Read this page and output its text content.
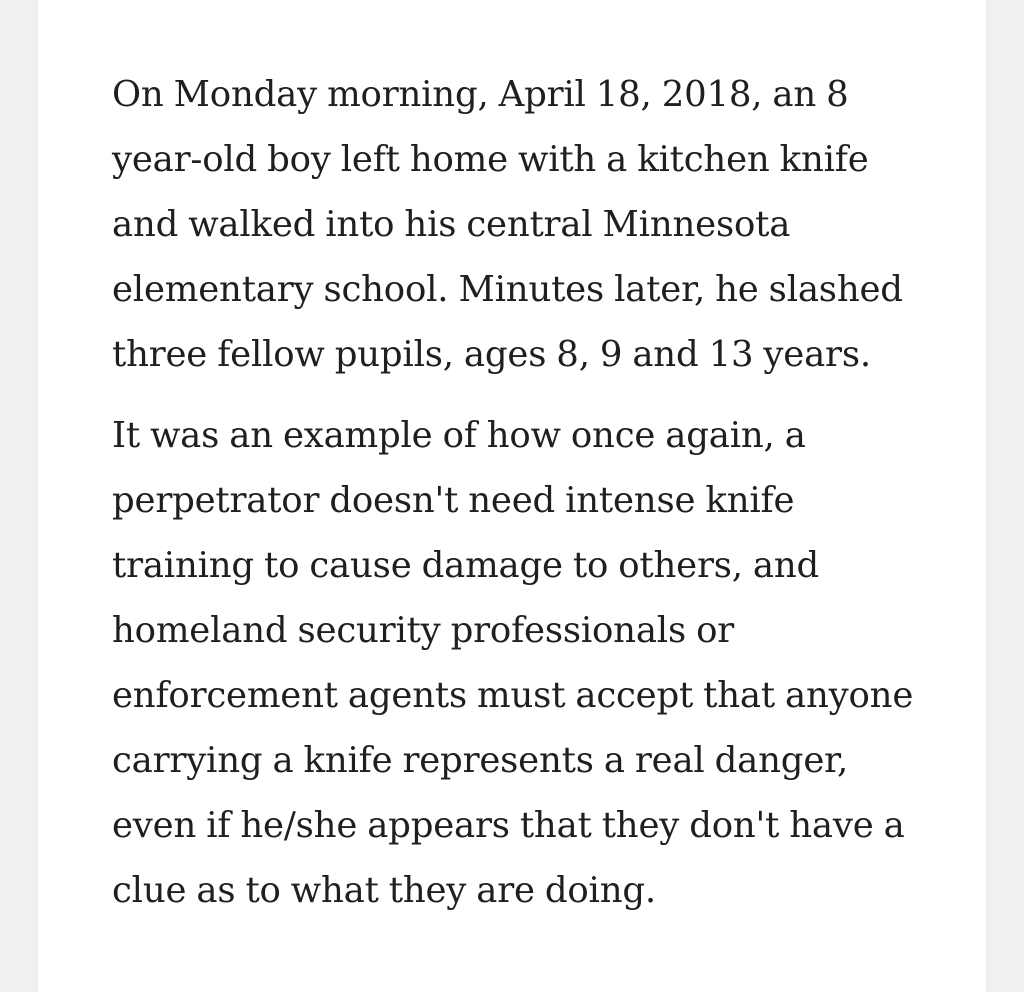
On Monday morning, April 18, 2018, an 8 year-old boy left home with a kitchen knife and walked into his central Minnesota elementary school. Minutes later, he slashed three fellow pupils, ages 8, 9 and 13 years.

It was an example of how once again, a perpetrator doesn't need intense knife training to cause damage to others, and homeland security professionals or enforcement agents must accept that anyone carrying a knife represents a real danger, even if he/she appears that they don't have a clue as to what they are doing.
